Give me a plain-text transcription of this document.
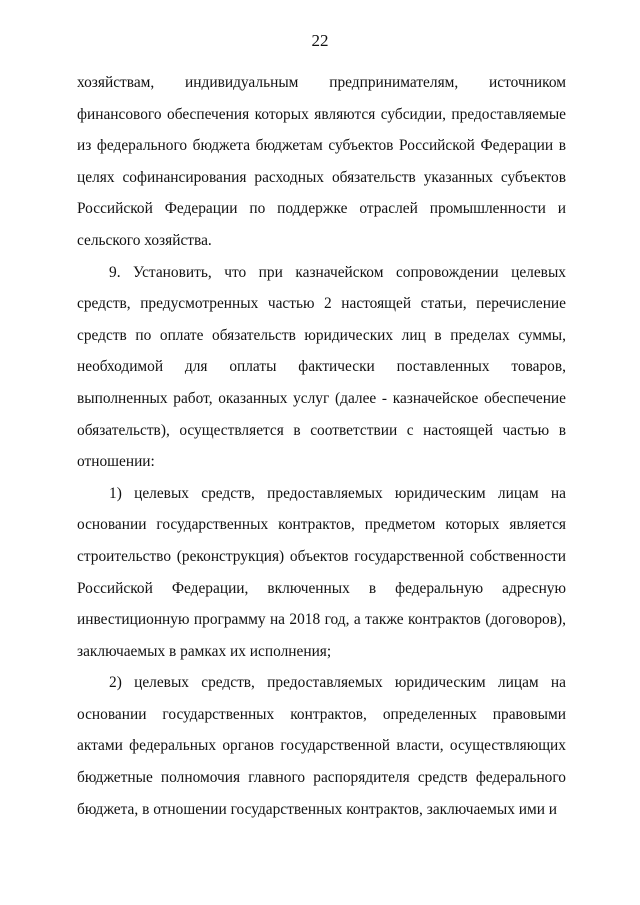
22

хозяйствам, индивидуальным предпринимателям, источником финансового обеспечения которых являются субсидии, предоставляемые из федерального бюджета бюджетам субъектов Российской Федерации в целях софинансирования расходных обязательств указанных субъектов Российской Федерации по поддержке отраслей промышленности и сельского хозяйства.

9. Установить, что при казначейском сопровождении целевых средств, предусмотренных частью 2 настоящей статьи, перечисление средств по оплате обязательств юридических лиц в пределах суммы, необходимой для оплаты фактически поставленных товаров, выполненных работ, оказанных услуг (далее - казначейское обеспечение обязательств), осуществляется в соответствии с настоящей частью в отношении:

1) целевых средств, предоставляемых юридическим лицам на основании государственных контрактов, предметом которых является строительство (реконструкция) объектов государственной собственности Российской Федерации, включенных в федеральную адресную инвестиционную программу на 2018 год, а также контрактов (договоров), заключаемых в рамках их исполнения;

2) целевых средств, предоставляемых юридическим лицам на основании государственных контрактов, определенных правовыми актами федеральных органов государственной власти, осуществляющих бюджетные полномочия главного распорядителя средств федерального бюджета, в отношении государственных контрактов, заключаемых ими и
